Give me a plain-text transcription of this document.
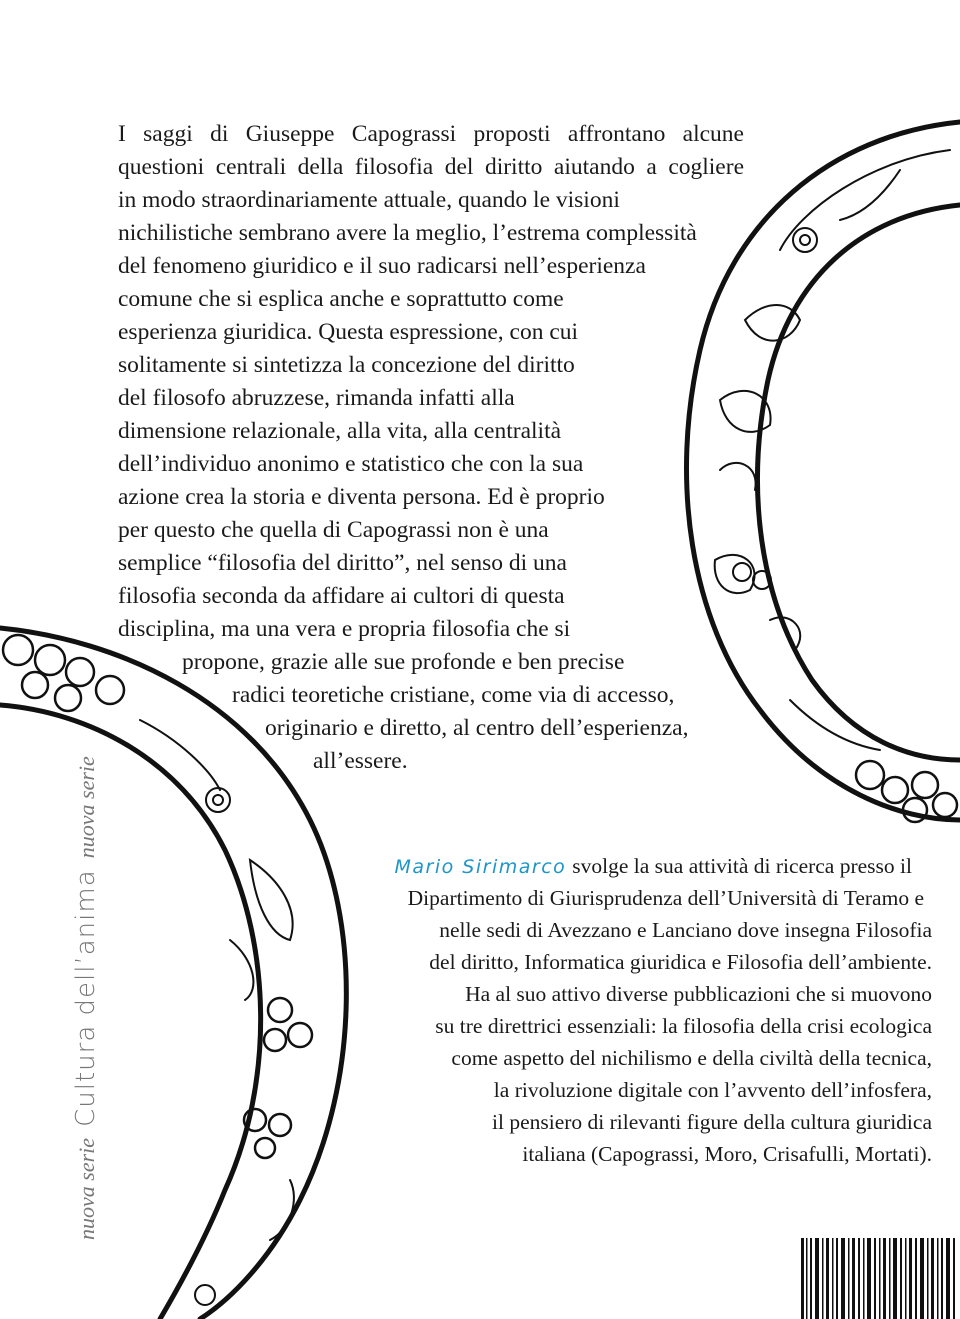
I saggi di Giuseppe Capograssi proposti affrontano alcune
questioni centrali della filosofia del diritto aiutando a cogliere
in modo straordinariamente attuale, quando le visioni
nichilistiche sembrano avere la meglio, l’estrema complessità
del fenomeno giuridico e il suo radicarsi nell’esperienza
comune che si esplica anche e soprattutto come
esperienza giuridica. Questa espressione, con cui
solitamente si sintetizza la concezione del diritto
del filosofo abruzzese, rimanda infatti alla
dimensione relazionale, alla vita, alla centralità
dell’individuo anonimo e statistico che con la sua
azione crea la storia e diventa persona. Ed è proprio
per questo che quella di Capograssi non è una
semplice “filosofia del diritto”, nel senso di una
filosofia seconda da affidare ai cultori di questa
disciplina, ma una vera e propria filosofia che si
propone, grazie alle sue profonde e ben precise
radici teoretiche cristiane, come via di accesso,
originario e diretto, al centro dell’esperienza,
all’essere.
Mario Sirimarco svolge la sua attività di ricerca presso il
Dipartimento di Giurisprudenza dell’Università di Teramo e
nelle sedi di Avezzano e Lanciano dove insegna Filosofia
del diritto, Informatica giuridica e Filosofia dell’ambiente.
Ha al suo attivo diverse pubblicazioni che si muovono
su tre direttrici essenziali: la filosofia della crisi ecologica
come aspetto del nichilismo e della civiltà della tecnica,
la rivoluzione digitale con l’avvento dell’infosfera,
il pensiero di rilevanti figure della cultura giuridica
italiana (Capograssi, Moro, Crisafulli, Mortati).
nuova serie Cultura dell’anima nuova serie
